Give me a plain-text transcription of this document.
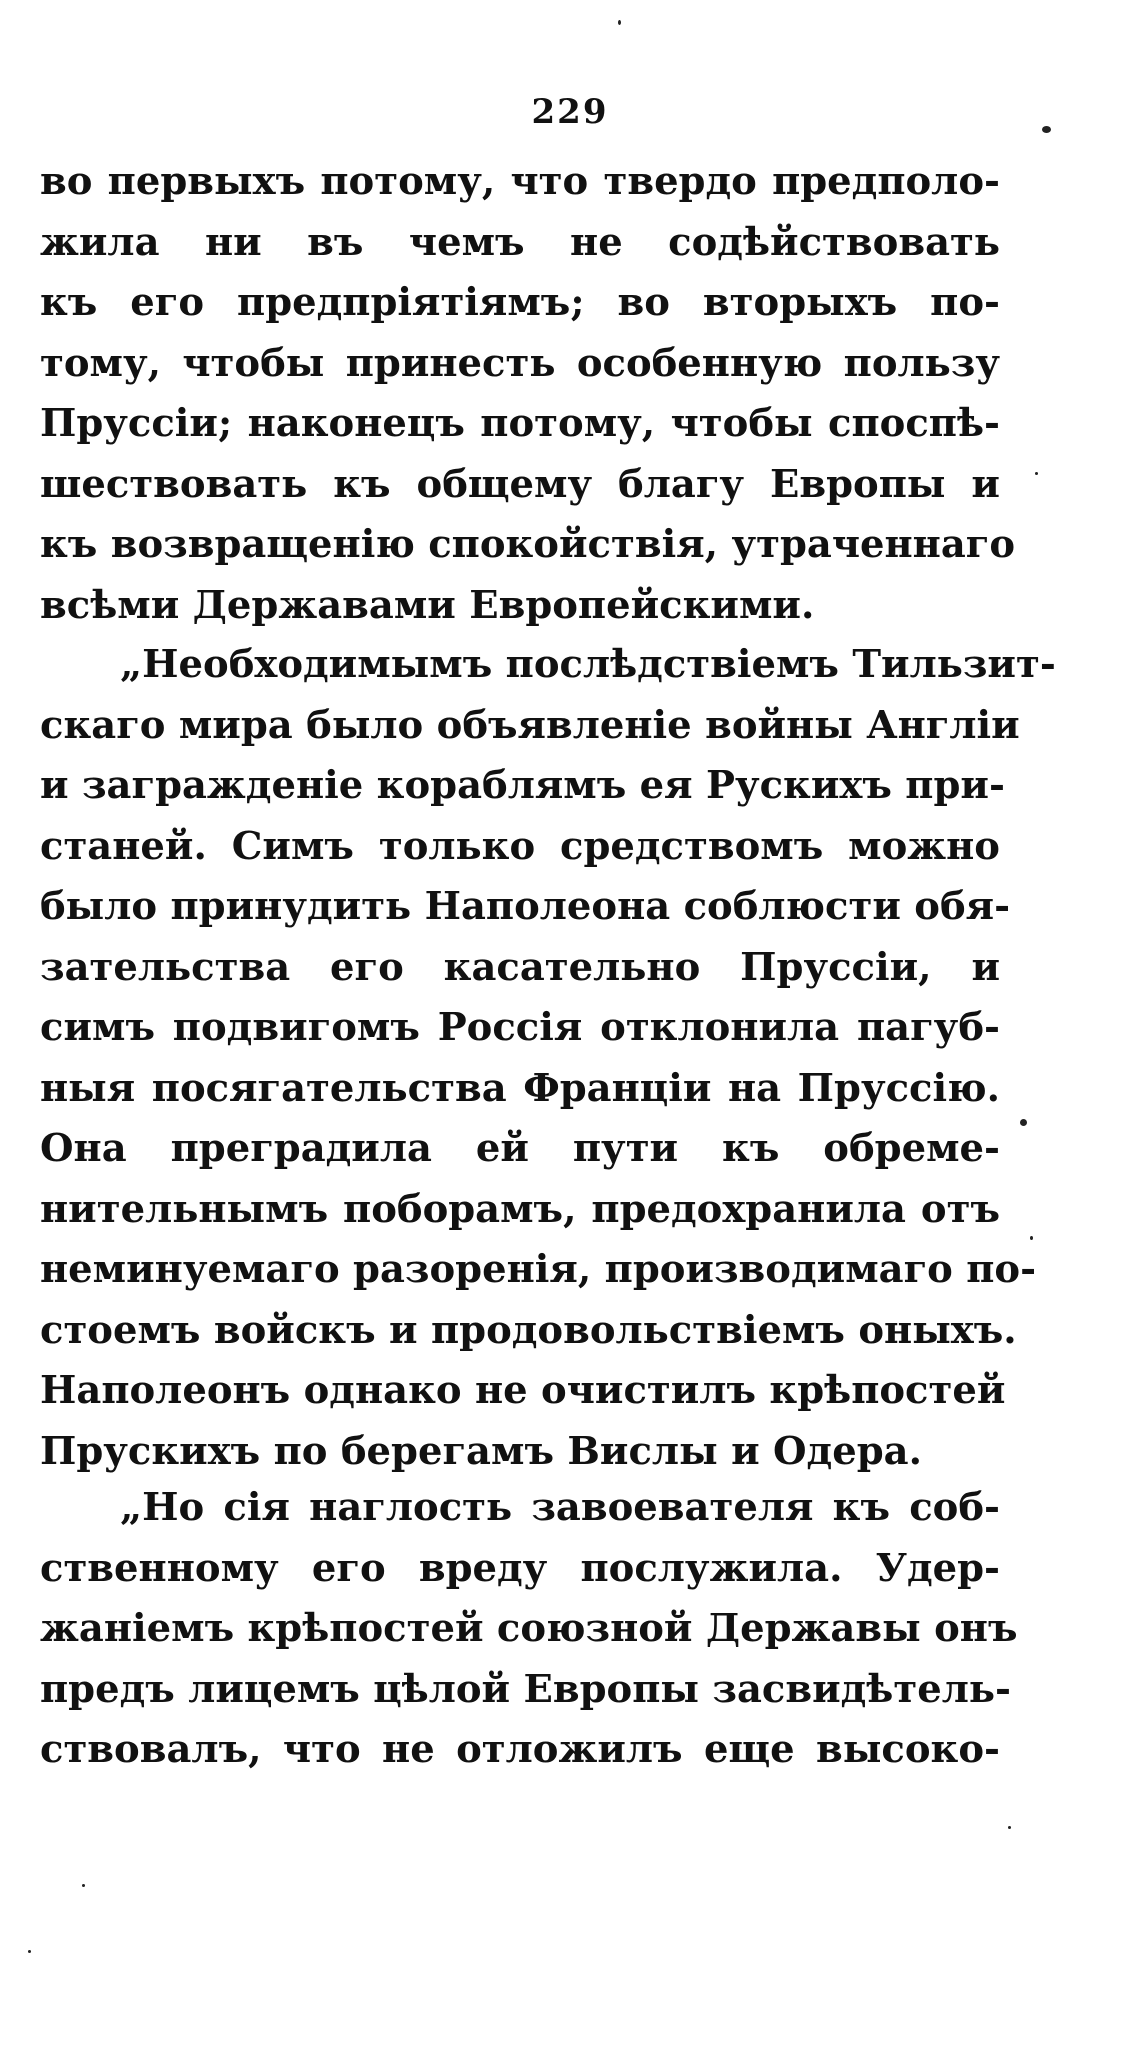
229
во первыхъ потому, что твердо предполо-
жила ни въ чемъ не содѣйствовать
къ его предпріятіямъ; во вторыхъ по-
тому, чтобы принесть особенную пользу
Пруссіи; наконецъ потому, чтобы споспѣ-
шествовать къ общему благу Европы и
къ возвращенію спокойствія, утраченнаго
всѣми Державами Европейскими.
„Необходимымъ послѣдствіемъ Тильзит-
скаго мира было объявленіе войны Англіи
и загражденіе кораблямъ ея Рускихъ при-
станей. Симъ только средствомъ можно
было принудить Наполеона соблюсти обя-
зательства его касательно Пруссіи, и
симъ подвигомъ Россія отклонила пагуб-
ныя посягательства Франціи на Пруссію.
Она преградила ей пути къ обреме-
нительнымъ поборамъ, предохранила отъ
неминуемаго разоренія, производимаго по-
стоемъ войскъ и продовольствіемъ оныхъ.
Наполеонъ однако не очистилъ крѣпостей
Прускихъ по берегамъ Вислы и Одера.
„Но сія наглость завоевателя къ соб-
ственному его вреду послужила. Удер-
жаніемъ крѣпостей союзной Державы онъ
предъ лицемъ цѣлой Европы засвидѣтель-
ствовалъ, что не отложилъ еще высоко-
